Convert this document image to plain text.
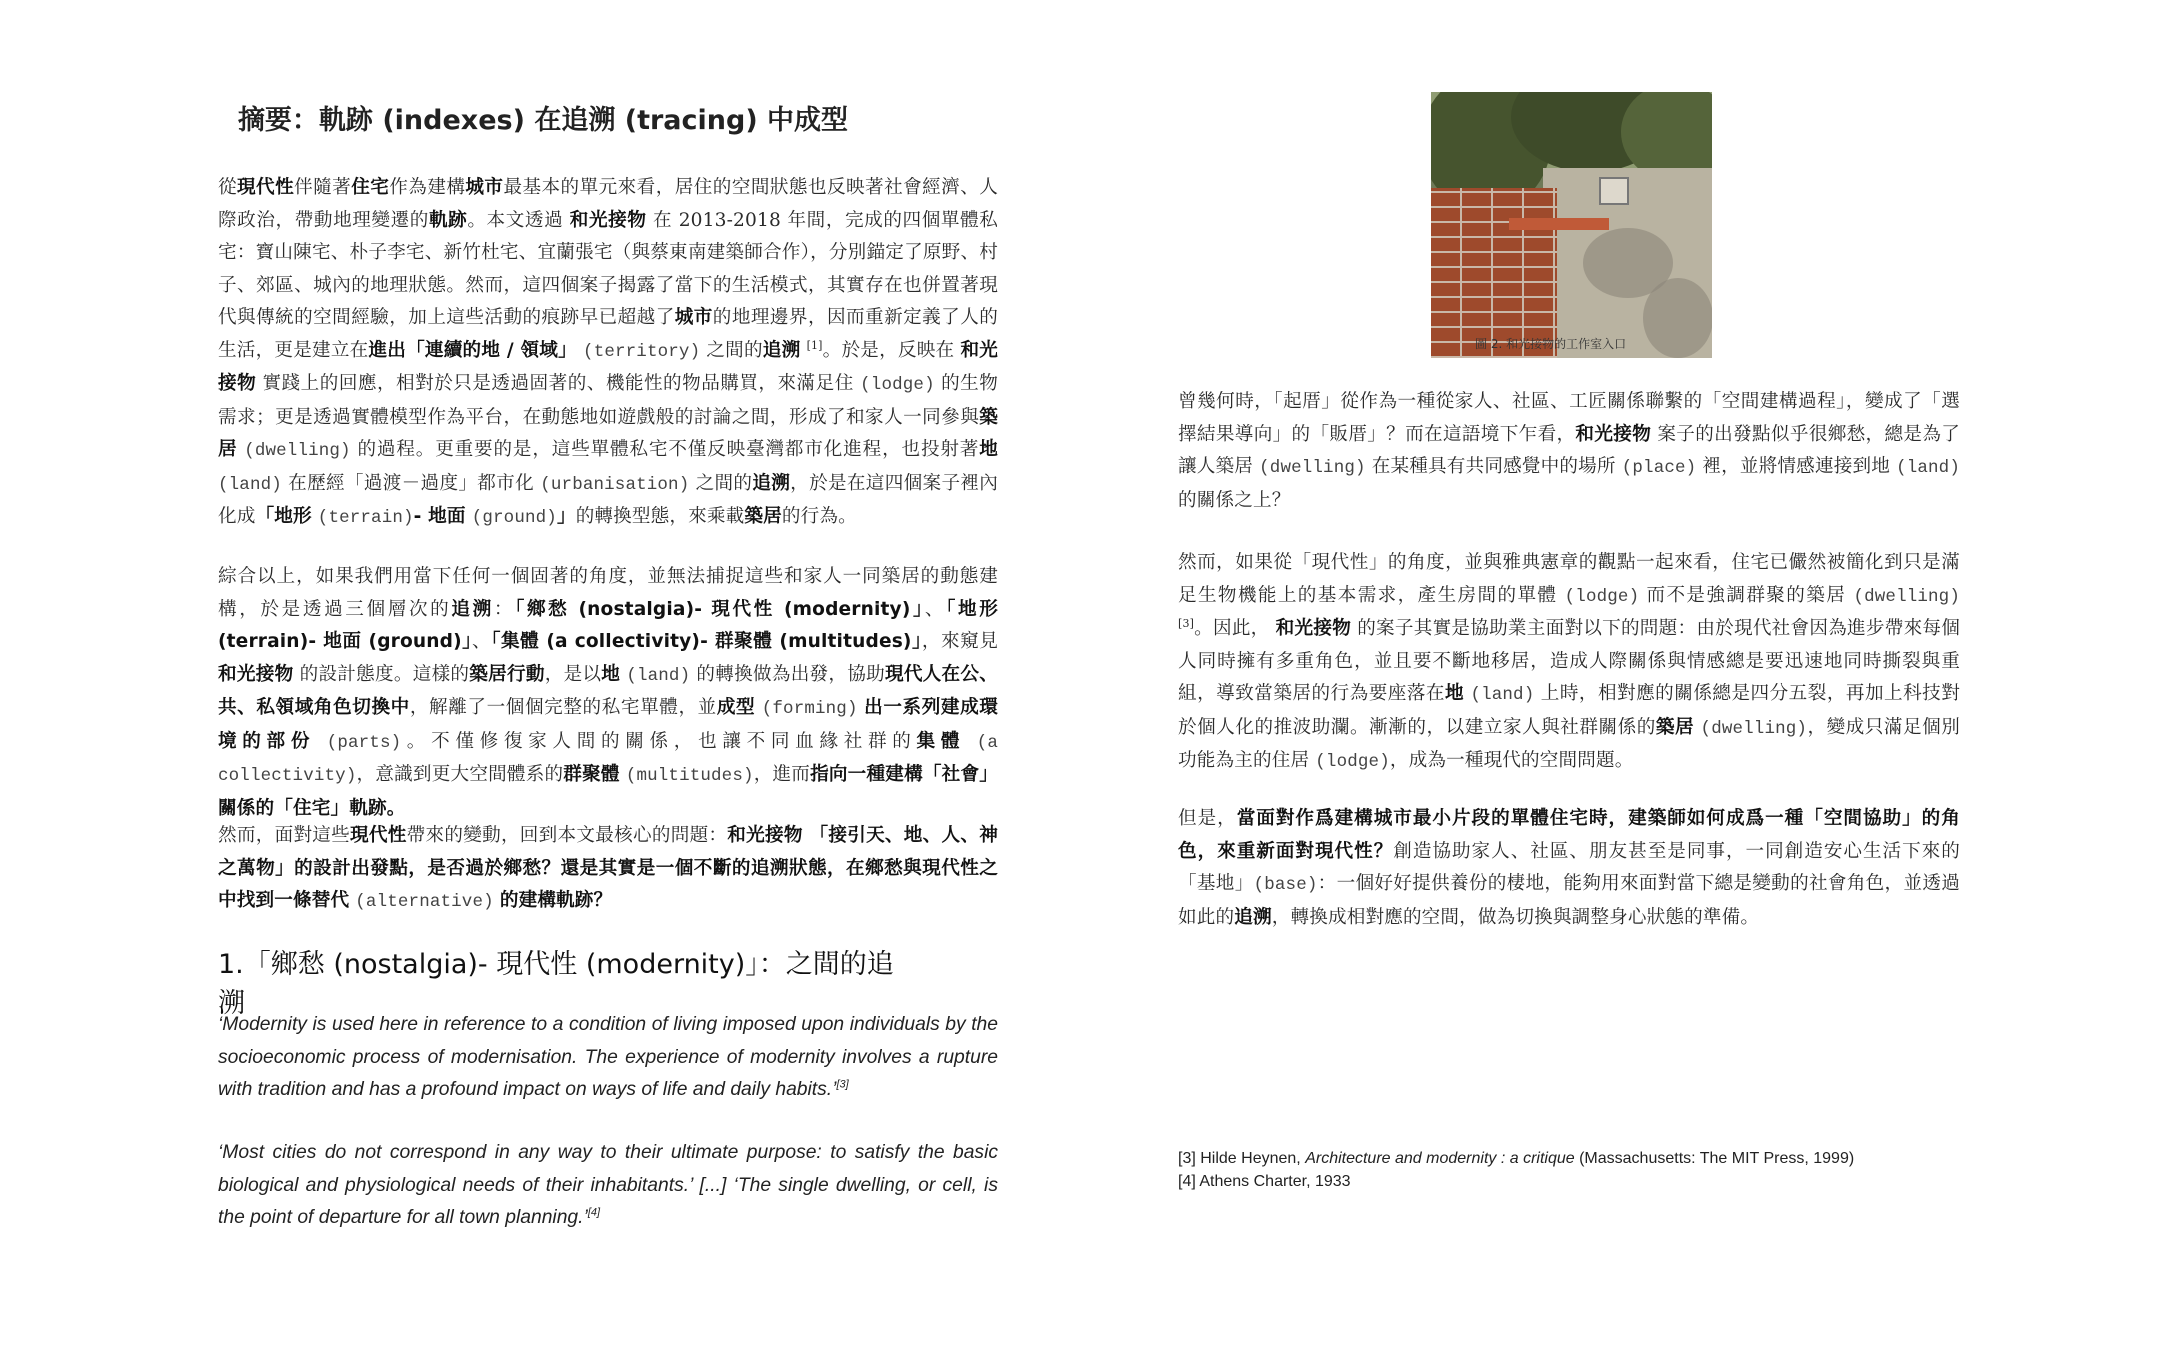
摘要：軌跡 (indexes) 在追溯 (tracing) 中成型
從現代性伴隨著住宅作為建構城市最基本的單元來看，居住的空間狀態也反映著社會經濟、人際政治，帶動地理變遷的軌跡。本文透過 和光接物 在 2013-2018 年間，完成的四個單體私宅：寶山陳宅、朴子李宅、新竹杜宅、宜蘭張宅（與蔡東南建築師合作），分別錨定了原野、村子、郊區、城內的地理狀態。然而，這四個案子揭露了當下的生活模式，其實存在也併置著現代與傳統的空間經驗，加上這些活動的痕跡早已超越了城市的地理邊界，因而重新定義了人的生活，更是建立在進出「連續的地 / 領域」 (territory) 之間的追溯 [1]。於是，反映在 和光接物 實踐上的回應，相對於只是透過固著的、機能性的物品購買，來滿足住 (lodge) 的生物需求；更是透過實體模型作為平台，在動態地如遊戲般的討論之間，形成了和家人一同參與築居 (dwelling) 的過程。更重要的是，這些單體私宅不僅反映臺灣都市化進程，也投射著地 (land) 在歷經「過渡－過度」都市化 (urbanisation) 之間的追溯，於是在這四個案子裡內化成「地形 (terrain)- 地面 (ground)」的轉換型態，來乘載築居的行為。
綜合以上，如果我們用當下任何一個固著的角度，並無法捕捉這些和家人一同築居的動態建構，於是透過三個層次的追溯：「鄉愁 (nostalgia)- 現代性 (modernity)」、「地形 (terrain)- 地面 (ground)」、「集體 (a collectivity)- 群聚體 (multitudes)」，來窺見 和光接物 的設計態度。這樣的築居行動，是以地 (land) 的轉換做為出發，協助現代人在公、共、私領域角色切換中，解離了一個個完整的私宅單體，並成型 (forming) 出一系列建成環境的部份 (parts)。不僅修復家人間的關係，也讓不同血緣社群的集體 (a collectivity)，意識到更大空間體系的群聚體 (multitudes)，進而指向一種建構「社會」關係的「住宅」軌跡。
然而，面對這些現代性帶來的變動，回到本文最核心的問題：和光接物 「接引天、地、人、神之萬物」的設計出發點，是否過於鄉愁？還是其實是一個不斷的追溯狀態，在鄉愁與現代性之中找到一條替代 (alternative) 的建構軌跡？
1.「鄉愁 (nostalgia)- 現代性 (modernity)」：之間的追溯
‘Modernity is used here in reference to a condition of living imposed upon individuals by the socioeconomic process of modernisation. The experience of modernity involves a rupture with tradition and has a profound impact on ways of life and daily habits.’[3]
‘Most cities do not correspond in any way to their ultimate purpose: to satisfy the basic biological and physiological needs of their inhabitants.’ [...] ‘The single dwelling, or cell, is the point of departure for all town planning.’[4]
圖 2. 和光接物的工作室入口
曾幾何時，「起厝」從作為一種從家人、社區、工匠關係聯繫的「空間建構過程」，變成了「選擇結果導向」的「販厝」？而在這語境下乍看，和光接物 案子的出發點似乎很鄉愁，總是為了讓人築居 (dwelling) 在某種具有共同感覺中的場所 (place) 裡，並將情感連接到地 (land) 的關係之上？
然而，如果從「現代性」的角度，並與雅典憲章的觀點一起來看，住宅已儼然被簡化到只是滿足生物機能上的基本需求，產生房間的單體 (lodge) 而不是強調群聚的築居 (dwelling) [3]。因此， 和光接物 的案子其實是協助業主面對以下的問題：由於現代社會因為進步帶來每個人同時擁有多重角色，並且要不斷地移居，造成人際關係與情感總是要迅速地同時撕裂與重組，導致當築居的行為要座落在地 (land) 上時，相對應的關係總是四分五裂，再加上科技對於個人化的推波助瀾。漸漸的，以建立家人與社群關係的築居 (dwelling)，變成只滿足個別功能為主的住居 (lodge)，成為一種現代的空間問題。
但是，當面對作爲建構城市最小片段的單體住宅時，建築師如何成爲一種「空間協助」的角色，來重新面對現代性？創造協助家人、社區、朋友甚至是同事，一同創造安心生活下來的「基地」(base)：一個好好提供養份的棲地，能夠用來面對當下總是變動的社會角色，並透過如此的追溯，轉換成相對應的空間，做為切換與調整身心狀態的準備。
[3] Hilde Heynen, Architecture and modernity : a critique (Massachusetts: The MIT Press, 1999)
[4] Athens Charter, 1933
